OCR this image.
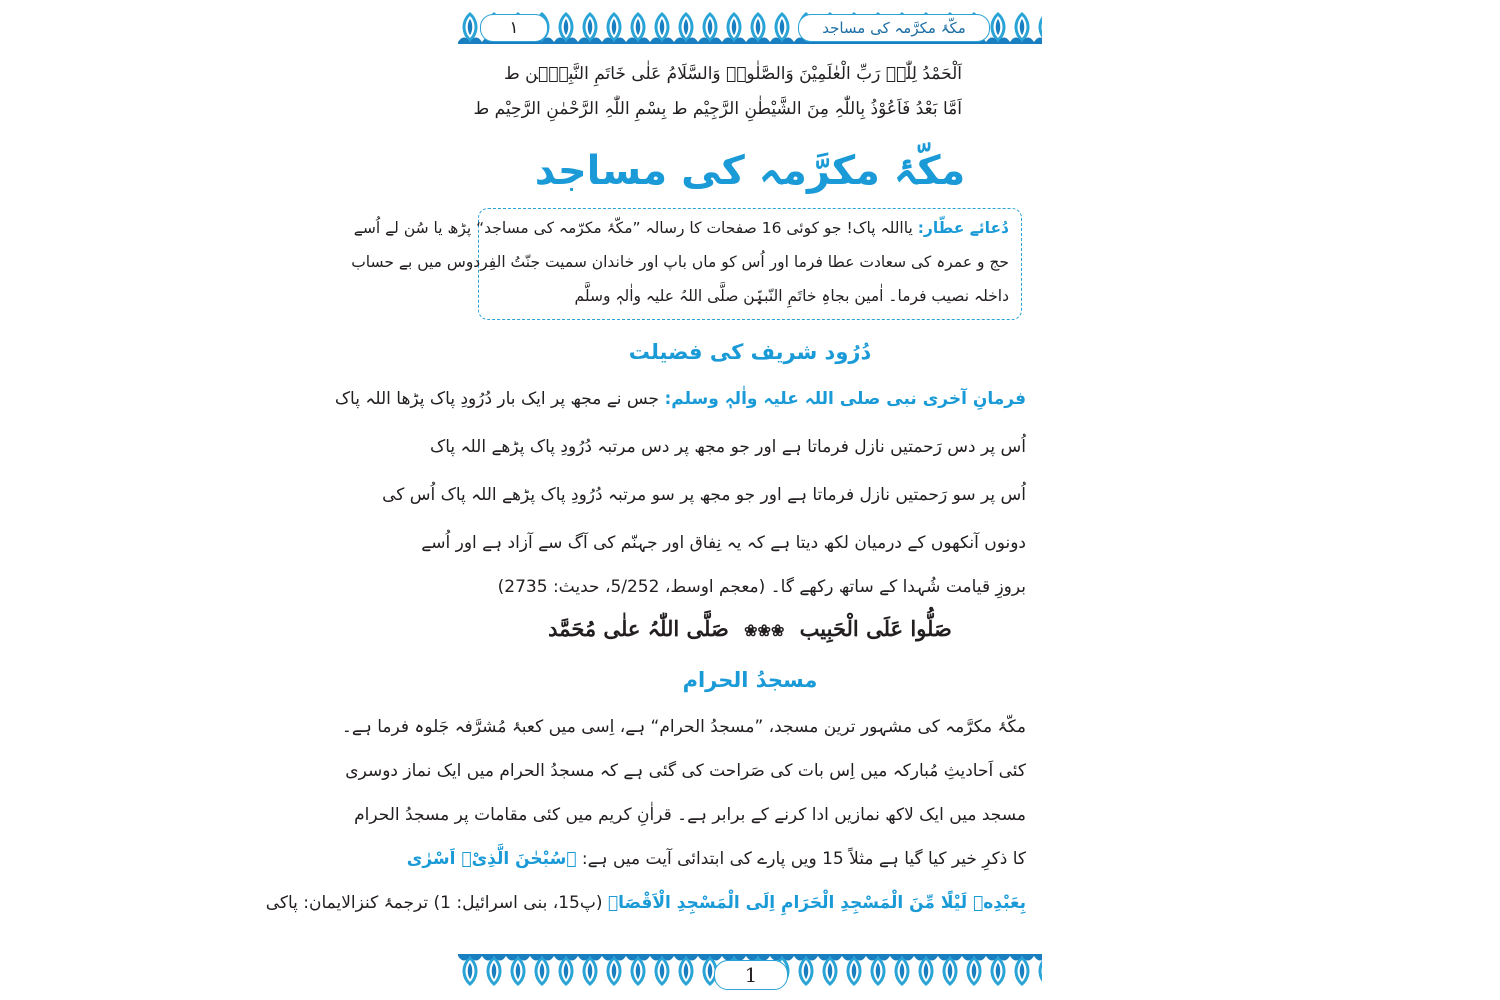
مکّۂ مکرَّمہ کی مساجد
۱
اَلْحَمْدُ لِلّٰہِ رَبِّ الْعٰلَمِیْنَ وَالصَّلٰوۃُ وَالسَّلَامُ عَلٰی خَاتَمِ النَّبِیّٖن ط
اَمَّا بَعْدُ فَاَعُوْذُ بِاللّٰہِ مِنَ الشَّیْطٰنِ الرَّجِیْم ط بِسْمِ اللّٰہِ الرَّحْمٰنِ الرَّحِیْم ط
مکّۂ مکرَّمہ کی مساجد
دُعائے عطّار: یااللہ پاک! جو کوئی 16 صفحات کا رسالہ ”مکّۂ مکرّمہ کی مساجد“ پڑھ یا سُن لے اُسے
حج و عمرہ کی سعادت عطا فرما اور اُس کو ماں باپ اور خاندان سمیت جنّتُ الفِردوس میں بے حساب
داخلہ نصیب فرما۔ اٰمین بجاہِ خاتَمِ النّبیّٖن صلَّی اللہُ علیہ واٰلہٖ وسلَّم
دُرُود شریف کی فضیلت
فرمانِ آخری نبی صلی اللہ علیہ واٰلہٖ وسلم: جس نے مجھ پر ایک بار دُرُودِ پاک پڑھا اللہ پاک
اُس پر دس رَحمتیں نازل فرماتا ہے اور جو مجھ پر دس مرتبہ دُرُودِ پاک پڑھے اللہ پاک
اُس پر سو رَحمتیں نازل فرماتا ہے اور جو مجھ پر سو مرتبہ دُرُودِ پاک پڑھے اللہ پاک اُس کی
دونوں آنکھوں کے درمیان لکھ دیتا ہے کہ یہ نِفاق اور جہنّم کی آگ سے آزاد ہے اور اُسے
بروزِ قیامت شُہدا کے ساتھ رکھے گا۔ (معجم اوسط، 5/252، حدیث: 2735)
صَلُّوا عَلَی الْحَبِیب ❀❀❀ صَلَّی اللّٰہُ علٰی مُحَمَّد
مسجدُ الحرام
مکّۂ مکرَّمہ کی مشہور ترین مسجد، ”مسجدُ الحرام“ ہے، اِسی میں کعبۂ مُشرَّفہ جَلوہ فرما ہے۔
کئی اَحادیثِ مُبارکہ میں اِس بات کی صَراحت کی گئی ہے کہ مسجدُ الحرام میں ایک نماز دوسری
مسجد میں ایک لاکھ نمازیں ادا کرنے کے برابر ہے۔ قراٰنِ کریم میں کئی مقامات پر مسجدُ الحرام
کا ذکرِ خیر کیا گیا ہے مثلاً 15 ویں پارے کی ابتدائی آیت میں ہے: ﴿سُبْحٰنَ الَّذِیْۤ اَسْرٰی
بِعَبْدِهٖ لَیْلًا مِّنَ الْمَسْجِدِ الْحَرَامِ اِلَى الْمَسْجِدِ الْاَقْصَا﴾ (پ15، بنی اسرائیل: 1) ترجمۂ کنزالایمان: پاکی
1
